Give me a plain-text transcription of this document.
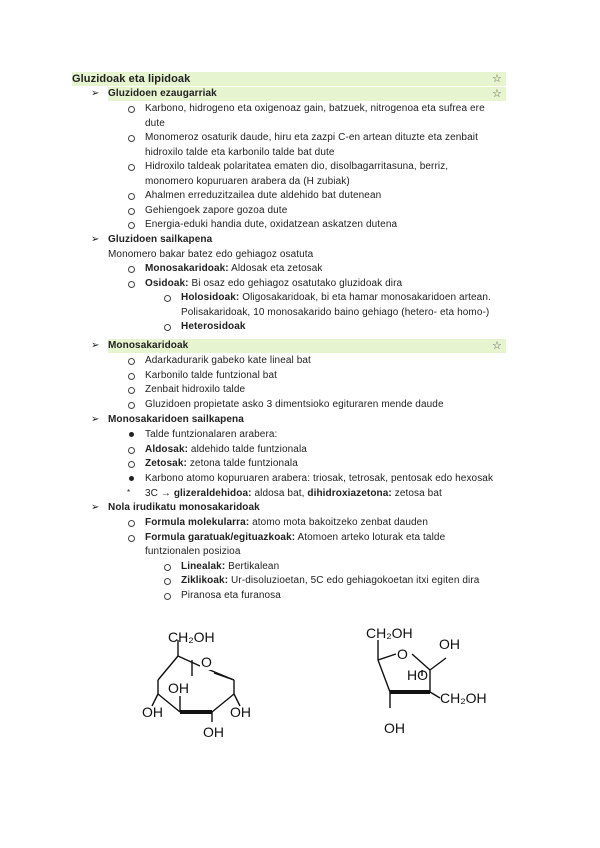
Gluzidoak eta lipidoak	☆
➢ Gluzidoen ezaugarriak	☆
Karbono, hidrogeno eta oxigenoaz gain, batzuek, nitrogenoa eta sufrea ere
dute
Monomeroz osaturik daude, hiru eta zazpi C-en artean dituzte eta zenbait
hidroxilo talde eta karbonilo talde bat dute
Hidroxilo taldeak polaritatea ematen dio, disolbagarritasuna, berriz,
monomero kopuruaren arabera da (H zubiak)
Ahalmen erreduzitzailea dute aldehido bat dutenean
Gehiengoek zapore gozoa dute
Energia-eduki handia dute, oxidatzean askatzen dutena
➢ Gluzidoen sailkapena
Monomero bakar batez edo gehiagoz osatuta
Monosakaridoak: Aldosak eta zetosak
Osidoak: Bi osaz edo gehiagoz osatutako gluzidoak dira
Holosidoak: Oligosakaridoak, bi eta hamar monosakaridoen artean.
Polisakaridoak, 10 monosakarido baino gehiago (hetero- eta homo-)
Heterosidoak
➢ Monosakaridoak	☆
Adarkadurarik gabeko kate lineal bat
Karbonilo talde funtzional bat
Zenbait hidroxilo talde
Gluzidoen propietate asko 3 dimentsioko egituraren mende daude
➢ Monosakaridoen sailkapena
Talde funtzionalaren arabera:
Aldosak: aldehido talde funtzionala
Zetosak: zetona talde funtzionala
Karbono atomo kopuruaren arabera: triosak, tetrosak, pentosak edo hexosak
* 3C → glizeraldehidoa: aldosa bat, dihidroxiazetona: zetosa bat
➢ Nola irudikatu monosakaridoak
Formula molekularra: atomo mota bakoitzeko zenbat dauden
Formula garatuak/egituazkoak: Atomoen arteko loturak eta talde
funtzionalen posizioa
Linealak: Bertikalean
Ziklikoak: Ur-disoluzioetan, 5C edo gehiagokoetan itxi egiten dira
Piranosa eta furanosa
CH₂OH
O
OH
OH	OH
OH
CH₂OH
O
OH
HO
CH₂OH
OH
